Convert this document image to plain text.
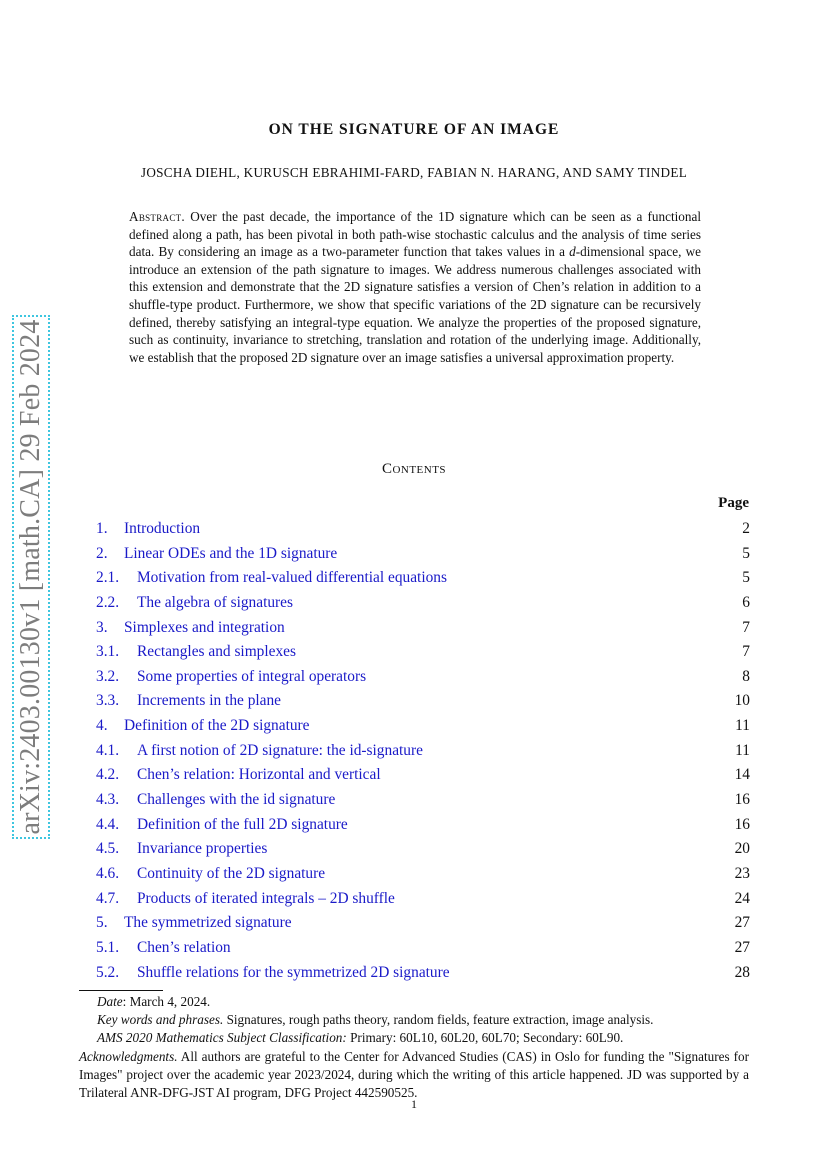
arXiv:2403.00130v1 [math.CA] 29 Feb 2024
ON THE SIGNATURE OF AN IMAGE
JOSCHA DIEHL, KURUSCH EBRAHIMI-FARD, FABIAN N. HARANG, AND SAMY TINDEL
Abstract. Over the past decade, the importance of the 1D signature which can be seen as a functional defined along a path, has been pivotal in both path-wise stochastic calculus and the analysis of time series data. By considering an image as a two-parameter function that takes values in a d-dimensional space, we introduce an extension of the path signature to images. We address numerous challenges associated with this extension and demonstrate that the 2D signature satisfies a version of Chen’s relation in addition to a shuffle-type product. Furthermore, we show that specific variations of the 2D signature can be recursively defined, thereby satisfying an integral-type equation. We analyze the properties of the proposed signature, such as continuity, invariance to stretching, translation and rotation of the underlying image. Additionally, we establish that the proposed 2D signature over an image satisfies a universal approximation property.
Contents
Page
1. Introduction	2
2. Linear ODEs and the 1D signature	5
2.1. Motivation from real-valued differential equations	5
2.2. The algebra of signatures	6
3. Simplexes and integration	7
3.1. Rectangles and simplexes	7
3.2. Some properties of integral operators	8
3.3. Increments in the plane	10
4. Definition of the 2D signature	11
4.1. A first notion of 2D signature: the id-signature	11
4.2. Chen’s relation: Horizontal and vertical	14
4.3. Challenges with the id signature	16
4.4. Definition of the full 2D signature	16
4.5. Invariance properties	20
4.6. Continuity of the 2D signature	23
4.7. Products of iterated integrals – 2D shuffle	24
5. The symmetrized signature	27
5.1. Chen’s relation	27
5.2. Shuffle relations for the symmetrized 2D signature	28
Date: March 4, 2024.
Key words and phrases. Signatures, rough paths theory, random fields, feature extraction, image analysis.
AMS 2020 Mathematics Subject Classification: Primary: 60L10, 60L20, 60L70; Secondary: 60L90.
Acknowledgments. All authors are grateful to the Center for Advanced Studies (CAS) in Oslo for funding the "Signatures for Images" project over the academic year 2023/2024, during which the writing of this article happened. JD was supported by a Trilateral ANR-DFG-JST AI program, DFG Project 442590525.
1
